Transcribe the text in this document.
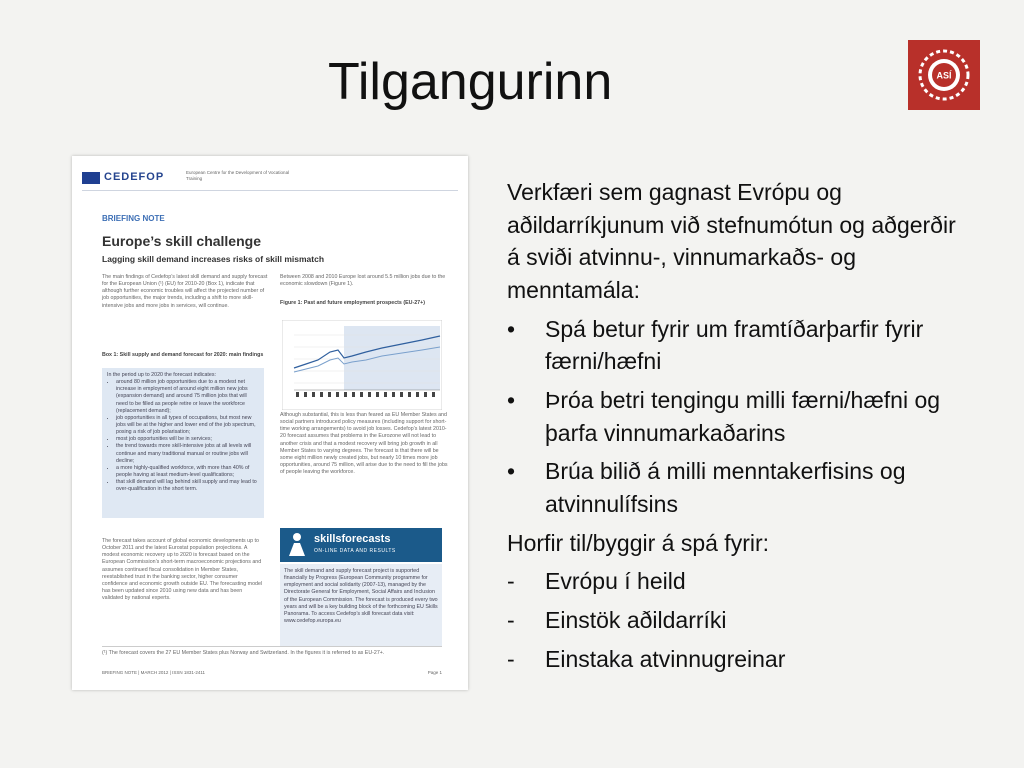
Tilgangurinn	ASÍ
CEDEFOP	European Centre for the Development of Vocational Training
BRIEFING NOTE
Europe’s skill challenge
Lagging skill demand increases risks of skill mismatch
The main findings of Cedefop’s latest skill demand and supply forecast for the European Union (¹) (EU) for 2010-20 (Box 1), indicate that although further economic troubles will affect the projected number of job opportunities, the major trends, including a shift to more skill-intensive jobs and more jobs in services, will continue.
Box 1: Skill supply and demand forecast for 2020: main findings
In the period up to 2020 the forecast indicates:
• around 80 million job opportunities due to a modest net increase in employment of around eight million new jobs (expansion demand) and around 75 million jobs that will need to be filled as people retire or leave the workforce (replacement demand);
• job opportunities in all types of occupations, but most new jobs will be at the higher and lower end of the job spectrum, posing a risk of job polarisation;
• most job opportunities will be in services;
• the trend towards more skill-intensive jobs at all levels will continue and many traditional manual or routine jobs will decline;
• a more highly-qualified workforce, with more than 40% of people having at least medium-level qualifications;
• that skill demand will lag behind skill supply and may lead to over-qualification in the short term.
Between 2008 and 2010 Europe lost around 5.5 million jobs due to the economic slowdown (Figure 1).
Figure 1: Past and future employment prospects (EU-27+)
Although substantial, this is less than feared as EU Member States and social partners introduced policy measures (including support for short-time working arrangements) to avoid job losses. Cedefop’s latest 2010-20 forecast assumes that problems in the Eurozone will not lead to another crisis and that a modest recovery will bring job growth in all Member States to varying degrees. The forecast is that there will be some eight million newly created jobs, but nearly 10 times more job opportunities, around 75 million, will arise due to the need to fill the jobs of people leaving the workforce.
The forecast takes account of global economic developments up to October 2011 and the latest Eurostat population projections. A modest economic recovery up to 2020 is forecast based on the European Commission’s short-term macroeconomic projections and assumes continued fiscal consolidation in Member States, reestablished trust in the banking sector, higher consumer confidence and economic growth outside EU. The forecasting model has been updated since 2010 using new data and has been validated by national experts.
skillsforecasts
ON-LINE DATA AND RESULTS
The skill demand and supply forecast project is supported financially by Progress (European Community programme for employment and social solidarity (2007-13), managed by the Directorate General for Employment, Social Affairs and Inclusion of the European Commission. The forecast is produced every two years and will be a key building block of the forthcoming EU Skills Panorama. To access Cedefop’s skill forecast data visit: www.cedefop.europa.eu
(¹) The forecast covers the 27 EU Member States plus Norway and Switzerland. In the figures it is referred to as EU-27+.
BRIEFING NOTE | MARCH 2012 | ISSN 1831-2411	Page 1

Verkfæri sem gagnast Evrópu og aðildarríkjunum við stefnumótun og aðgerðir á sviði atvinnu-, vinnumarkaðs- og menntamála:

• Spá betur fyrir um framtíðarþarfir fyrir færni/hæfni
• Þróa betri tengingu milli færni/hæfni og þarfa vinnumarkaðarins
• Brúa bilið á milli menntakerfisins og atvinnulífsins

Horfir til/byggir á spá fyrir:

- Evrópu í heild
- Einstök aðildarríki
- Einstaka atvinnugreinar
